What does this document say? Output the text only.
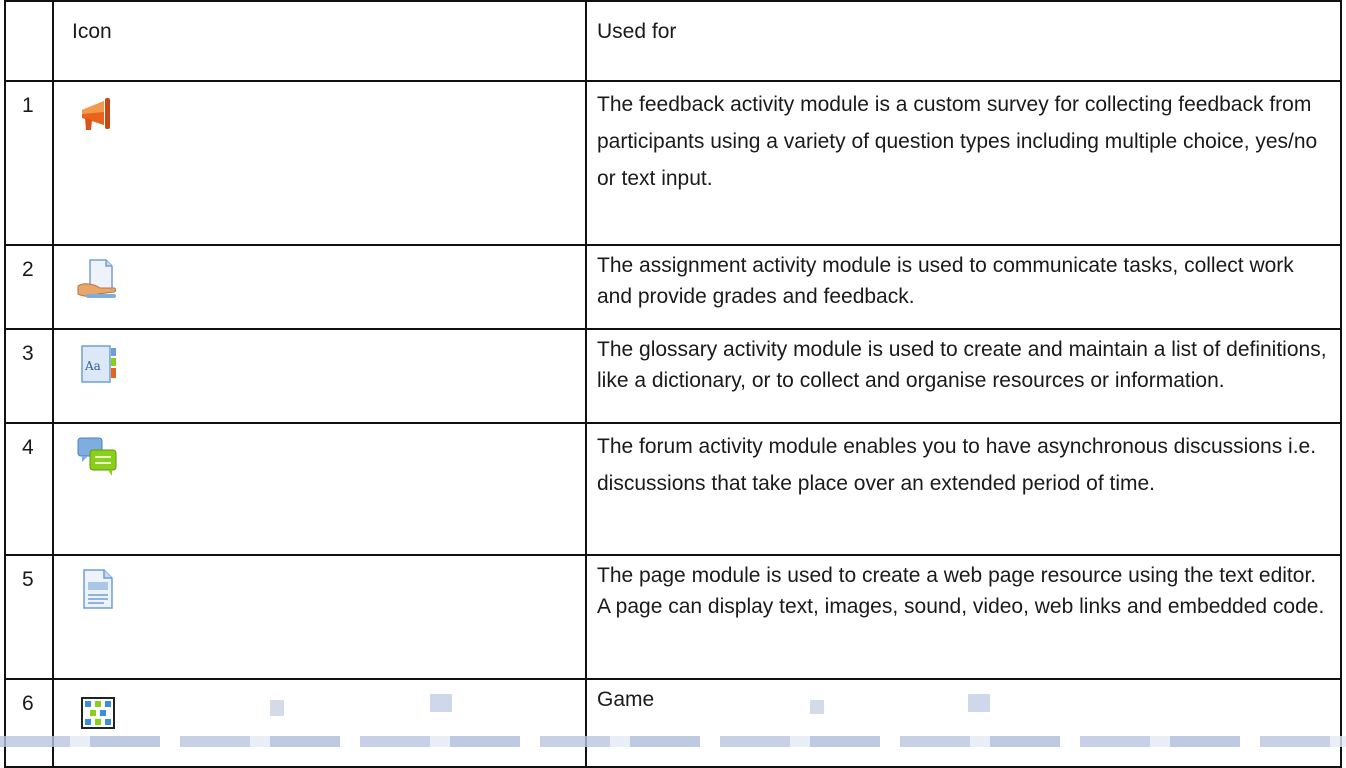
	Icon	Used for
1		The feedback activity module is a custom survey for collecting feedback from participants using a variety of question types including multiple choice, yes/no or text input.
2		The assignment activity module is used to communicate tasks, collect work and provide grades and feedback.
3	Aa	The glossary activity module is used to create and maintain a list of definitions, like a dictionary, or to collect and organise resources or information.
4		The forum activity module enables you to have asynchronous discussions i.e. discussions that take place over an extended period of time.
5		The page module is used to create a web page resource using the text editor. A page can display text, images, sound, video, web links and embedded code.
6		Game
